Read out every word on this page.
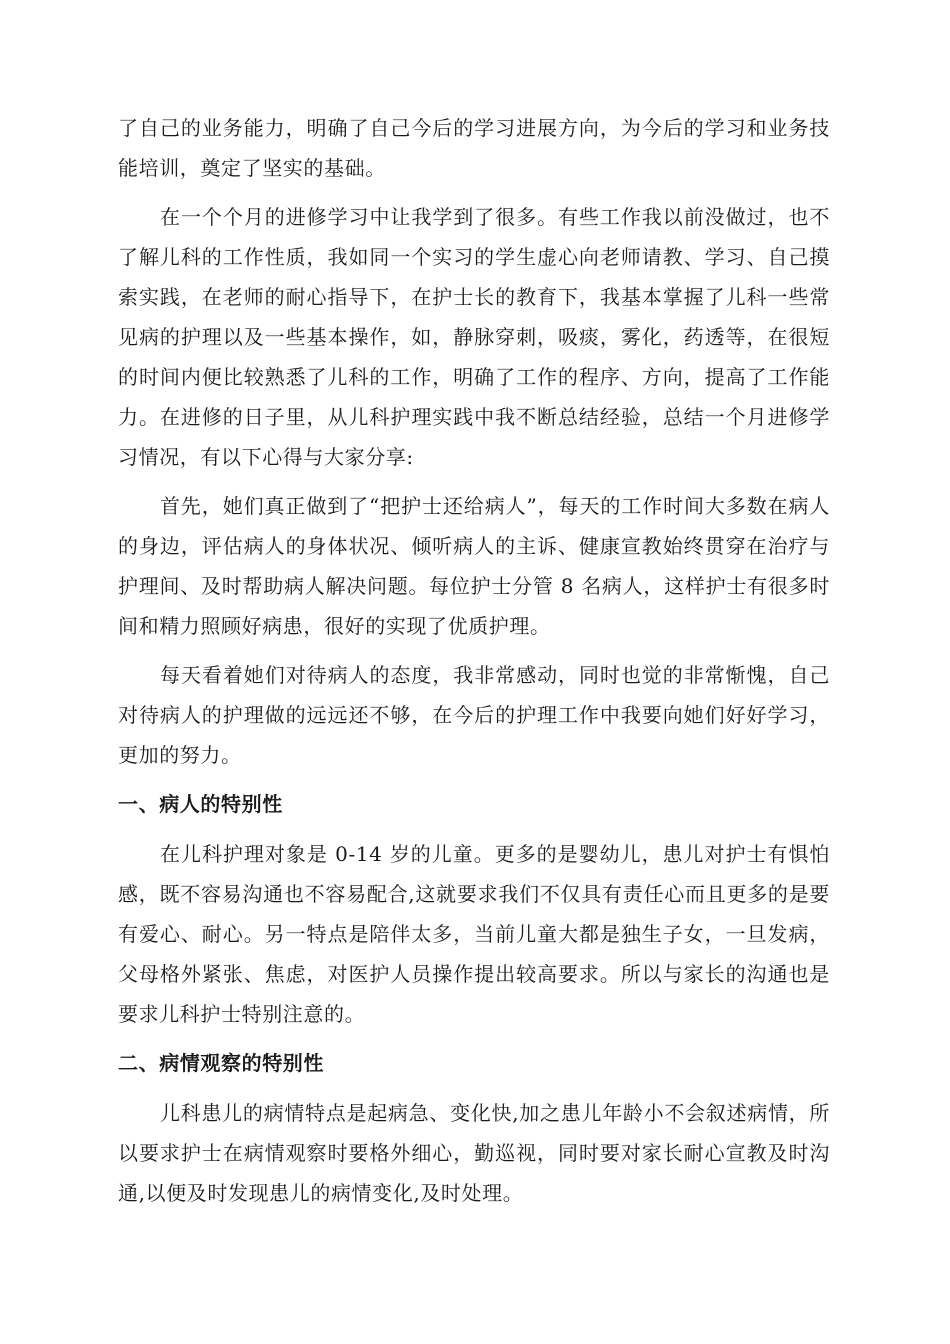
了自己的业务能力，明确了自己今后的学习进展方向，为今后的学习和业务技能培训，奠定了坚实的基础。

在一个个月的进修学习中让我学到了很多。有些工作我以前没做过，也不了解儿科的工作性质，我如同一个实习的学生虚心向老师请教、学习、自己摸索实践，在老师的耐心指导下，在护士长的教育下，我基本掌握了儿科一些常见病的护理以及一些基本操作，如，静脉穿刺，吸痰，雾化，药透等，在很短的时间内便比较熟悉了儿科的工作，明确了工作的程序、方向，提高了工作能力。在进修的日子里，从儿科护理实践中我不断总结经验，总结一个月进修学习情况，有以下心得与大家分享:

首先，她们真正做到了“把护士还给病人”，每天的工作时间大多数在病人的身边，评估病人的身体状况、倾听病人的主诉、健康宣教始终贯穿在治疗与护理间、及时帮助病人解决问题。每位护士分管 8 名病人，这样护士有很多时间和精力照顾好病患，很好的实现了优质护理。

每天看着她们对待病人的态度，我非常感动，同时也觉的非常惭愧，自己对待病人的护理做的远远还不够，在今后的护理工作中我要向她们好好学习，更加的努力。

一、病人的特别性

在儿科护理对象是 0-14 岁的儿童。更多的是婴幼儿，患儿对护士有惧怕感，既不容易沟通也不容易配合,这就要求我们不仅具有责任心而且更多的是要有爱心、耐心。另一特点是陪伴太多，当前儿童大都是独生子女，一旦发病，父母格外紧张、焦虑，对医护人员操作提出较高要求。所以与家长的沟通也是要求儿科护士特别注意的。

二、病情观察的特别性

儿科患儿的病情特点是起病急、变化快,加之患儿年龄小不会叙述病情，所以要求护士在病情观察时要格外细心，勤巡视，同时要对家长耐心宣教及时沟通,以便及时发现患儿的病情变化,及时处理。
